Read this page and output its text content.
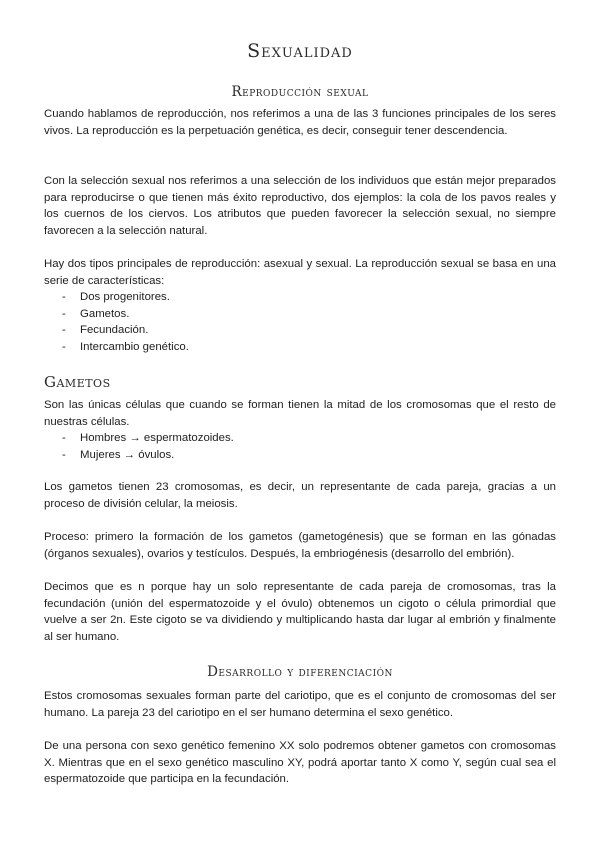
Sexualidad
Reproducción sexual
Cuando hablamos de reproducción, nos referimos a una de las 3 funciones principales de los seres vivos. La reproducción es la perpetuación genética, es decir, conseguir tener descendencia.
Con la selección sexual nos referimos a una selección de los individuos que están mejor preparados para reproducirse o que tienen más éxito reproductivo, dos ejemplos: la cola de los pavos reales y los cuernos de los ciervos. Los atributos que pueden favorecer la selección sexual, no siempre favorecen a la selección natural.
Hay dos tipos principales de reproducción: asexual y sexual. La reproducción sexual se basa en una serie de características:
- Dos progenitores.
- Gametos.
- Fecundación.
- Intercambio genético.
Gametos
Son las únicas células que cuando se forman tienen la mitad de los cromosomas que el resto de nuestras células.
- Hombres → espermatozoides.
- Mujeres → óvulos.
Los gametos tienen 23 cromosomas, es decir, un representante de cada pareja, gracias a un proceso de división celular, la meiosis.
Proceso: primero la formación de los gametos (gametogénesis) que se forman en las gónadas (órganos sexuales), ovarios y testículos. Después, la embriogénesis (desarrollo del embrión).
Decimos que es n porque hay un solo representante de cada pareja de cromosomas, tras la fecundación (unión del espermatozoide y el óvulo) obtenemos un cigoto o célula primordial que vuelve a ser 2n. Este cigoto se va dividiendo y multiplicando hasta dar lugar al embrión y finalmente al ser humano.
Desarrollo y diferenciación
Estos cromosomas sexuales forman parte del cariotipo, que es el conjunto de cromosomas del ser humano. La pareja 23 del cariotipo en el ser humano determina el sexo genético.
De una persona con sexo genético femenino XX solo podremos obtener gametos con cromosomas X. Mientras que en el sexo genético masculino XY, podrá aportar tanto X como Y, según cual sea el espermatozoide que participa en la fecundación.
